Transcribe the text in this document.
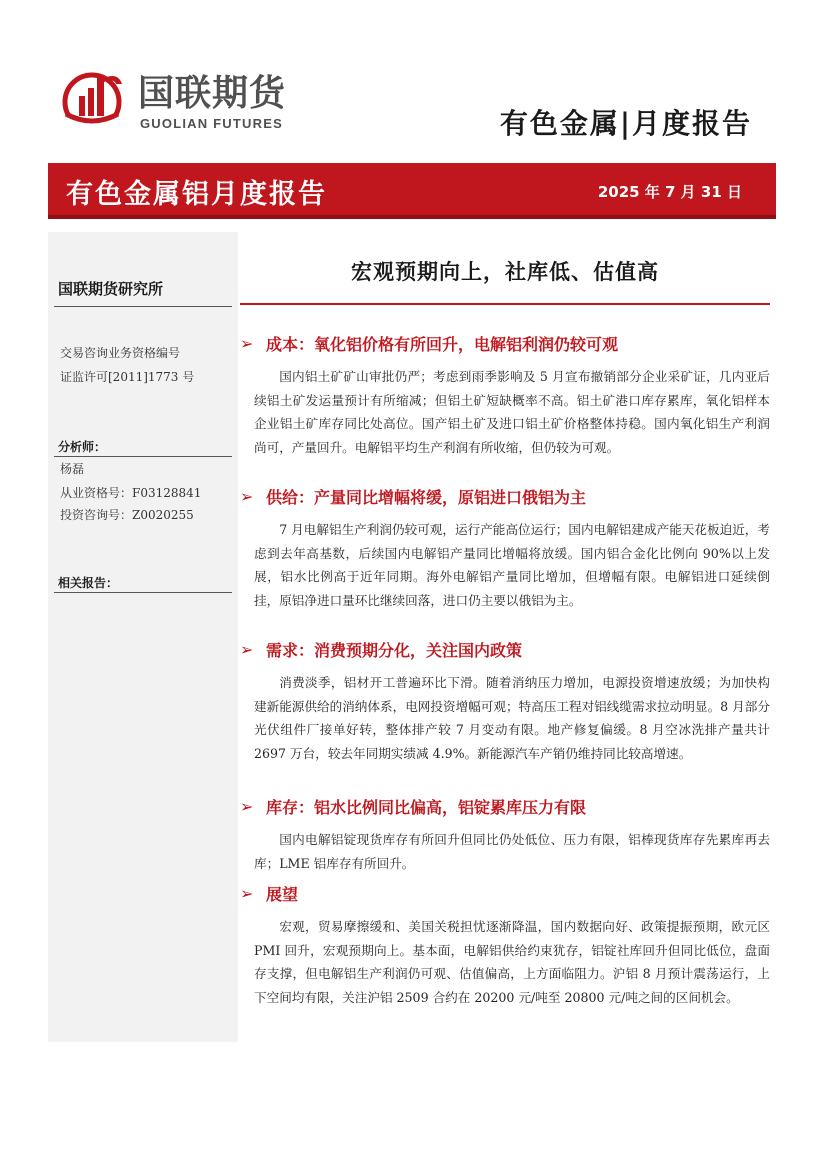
国联期货
GUOLIAN FUTURES	有色金属|月度报告
有色金属铝月度报告	2025 年 7 月 31 日
国联期货研究所
交易咨询业务资格编号
证监许可[2011]1773 号
分析师：
杨磊
从业资格号：F03128841
投资咨询号：Z0020255
相关报告：
宏观预期向上，社库低、估值高
➢ 成本：氧化铝价格有所回升，电解铝利润仍较可观

国内铝土矿矿山审批仍严；考虑到雨季影响及 5 月宣布撤销部分企业采矿证，几内亚后续铝土矿发运量预计有所缩减；但铝土矿短缺概率不高。铝土矿港口库存累库，氧化铝样本企业铝土矿库存同比处高位。国产铝土矿及进口铝土矿价格整体持稳。国内氧化铝生产利润尚可，产量回升。电解铝平均生产利润有所收缩，但仍较为可观。

➢ 供给：产量同比增幅将缓，原铝进口俄铝为主

7 月电解铝生产利润仍较可观，运行产能高位运行；国内电解铝建成产能天花板迫近，考虑到去年高基数，后续国内电解铝产量同比增幅将放缓。国内铝合金化比例向 90%以上发展，铝水比例高于近年同期。海外电解铝产量同比增加，但增幅有限。电解铝进口延续倒挂，原铝净进口量环比继续回落，进口仍主要以俄铝为主。

➢ 需求：消费预期分化，关注国内政策

消费淡季，铝材开工普遍环比下滑。随着消纳压力增加，电源投资增速放缓；为加快构建新能源供给的消纳体系，电网投资增幅可观；特高压工程对铝线缆需求拉动明显。8 月部分光伏组件厂接单好转，整体排产较 7 月变动有限。地产修复偏缓。8 月空冰洗排产量共计 2697 万台，较去年同期实绩减 4.9%。新能源汽车产销仍维持同比较高增速。

➢ 库存：铝水比例同比偏高，铝锭累库压力有限

国内电解铝锭现货库存有所回升但同比仍处低位、压力有限，铝棒现货库存先累库再去库；LME 铝库存有所回升。

➢ 展望

宏观，贸易摩擦缓和、美国关税担忧逐渐降温，国内数据向好、政策提振预期，欧元区 PMI 回升，宏观预期向上。基本面，电解铝供给约束犹存，铝锭社库回升但同比低位，盘面存支撑，但电解铝生产利润仍可观、估值偏高，上方面临阻力。沪铝 8 月预计震荡运行，上下空间均有限，关注沪铝 2509 合约在 20200 元/吨至 20800 元/吨之间的区间机会。
